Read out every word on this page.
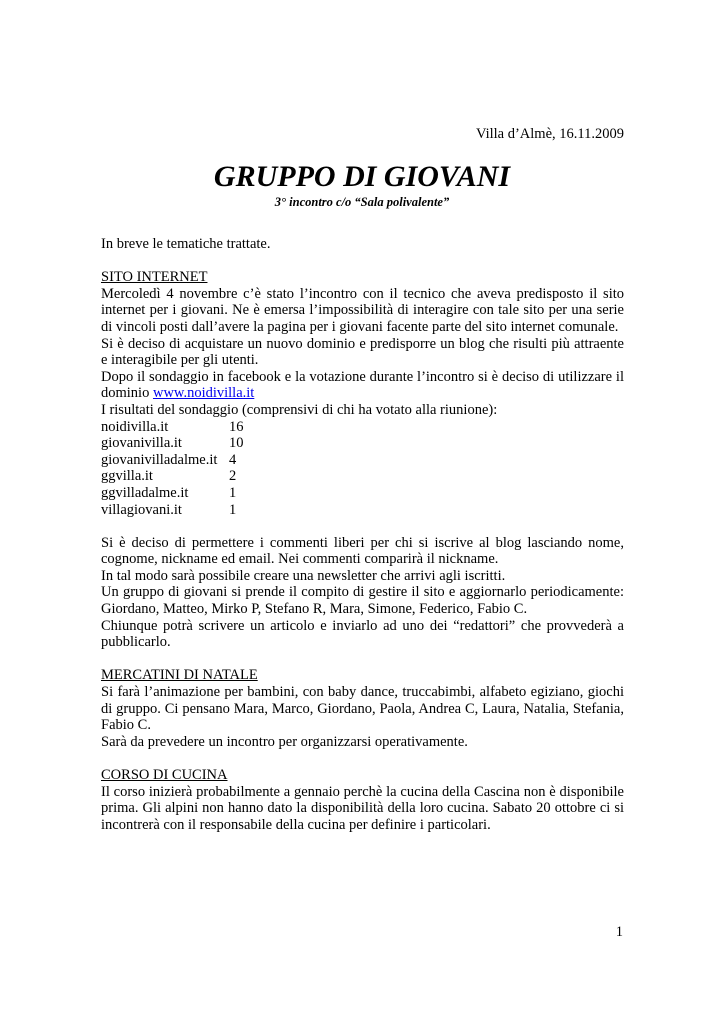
Villa d’Almè, 16.11.2009
GRUPPO DI GIOVANI
3° incontro c/o “Sala polivalente”

In breve le tematiche trattate.

SITO INTERNET

Mercoledì 4 novembre c’è stato l’incontro con il tecnico che aveva predisposto il sito internet per i giovani. Ne è emersa l’impossibilità di interagire con tale sito per una serie di vincoli posti dall’avere la pagina per i giovani facente parte del sito internet comunale.

Si è deciso di acquistare un nuovo dominio e predisporre un blog che risulti più attraente e interagibile per gli utenti.

Dopo il sondaggio in facebook e la votazione durante l’incontro si è deciso di utilizzare il dominio www.noidivilla.it

I risultati del sondaggio (comprensivi di chi ha votato alla riunione):

noidivilla.it	16
giovanivilla.it	10
giovanivilladalme.it 4
ggvilla.it	2
ggvilladalme.it	1
villagiovani.it	1

Si è deciso di permettere i commenti liberi per chi si iscrive al blog lasciando nome, cognome, nickname ed email. Nei commenti comparirà il nickname.

In tal modo sarà possibile creare una newsletter che arrivi agli iscritti.

Un gruppo di giovani si prende il compito di gestire il sito e aggiornarlo periodicamente: Giordano, Matteo, Mirko P, Stefano R, Mara, Simone, Federico, Fabio C.

Chiunque potrà scrivere un articolo e inviarlo ad uno dei “redattori” che provvederà a pubblicarlo.

MERCATINI DI NATALE

Si farà l’animazione per bambini, con baby dance, truccabimbi, alfabeto egiziano, giochi di gruppo. Ci pensano Mara, Marco, Giordano, Paola, Andrea C, Laura, Natalia, Stefania, Fabio C.

Sarà da prevedere un incontro per organizzarsi operativamente.

CORSO DI CUCINA

Il corso inizierà probabilmente a gennaio perchè la cucina della Cascina non è disponibile prima. Gli alpini non hanno dato la disponibilità della loro cucina. Sabato 20 ottobre ci si incontrerà con il responsabile della cucina per definire i particolari.

1
